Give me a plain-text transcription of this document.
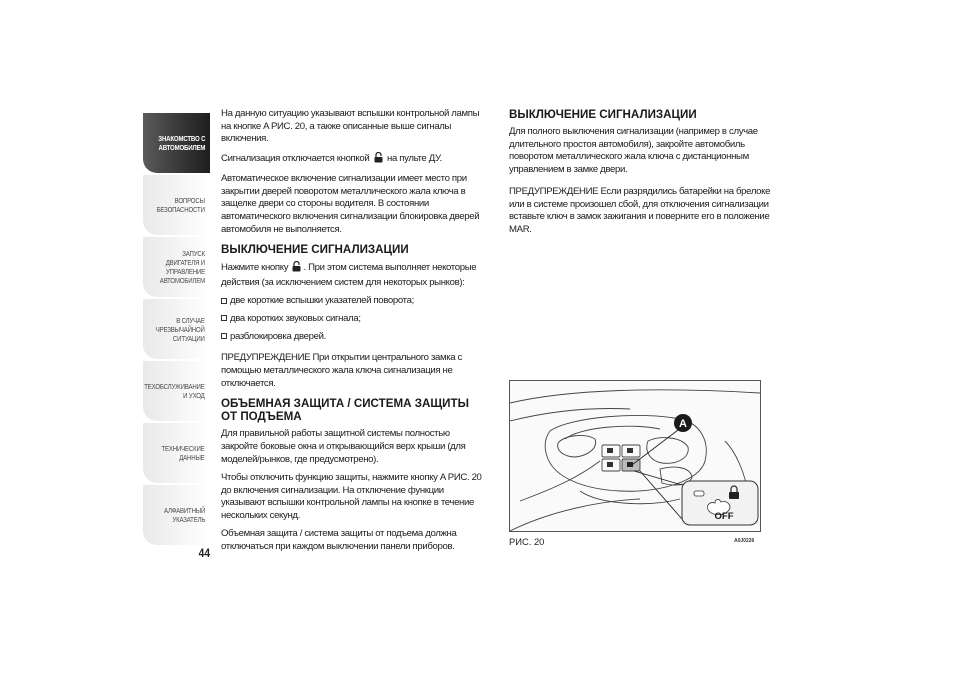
ЗНАКОМСТВО С
АВТОМОБИЛЕМ
ВОПРОСЫ
БЕЗОПАСНОСТИ
ЗАПУСК ДВИГАТЕЛЯ И
УПРАВЛЕНИЕ
АВТОМОБИЛЕМ
В СЛУЧАЕ
ЧРЕЗВЫЧАЙНОЙ
СИТУАЦИИ
ТЕХОБСЛУЖИВАНИЕ
И УХОД
ТЕХНИЧЕСКИЕ
ДАННЫЕ
АЛФАВИТНЫЙ
УКАЗАТЕЛЬ
44

На данную ситуацию указывают вспышки контрольной лампы на кнопке A РИС. 20, а также описанные выше сигналы включения.

Сигнализация отключается кнопкой на пульте ДУ.

Автоматическое включение сигнализации имеет место при закрытии дверей поворотом металлического жала ключа в защелке двери со стороны водителя. В состоянии автоматического включения сигнализации блокировка дверей автомобиля не выполняется.

ВЫКЛЮЧЕНИЕ СИГНАЛИЗАЦИИ

Нажмите кнопку . При этом система выполняет некоторые действия (за исключением систем для некоторых рынков):

две короткие вспышки указателей поворота;
два коротких звуковых сигнала;
разблокировка дверей.

ПРЕДУПРЕЖДЕНИЕ При открытии центрального замка с помощью металлического жала ключа сигнализация не отключается.

ОБЪЕМНАЯ ЗАЩИТА / СИСТЕМА ЗАЩИТЫ ОТ ПОДЪЕМА

Для правильной работы защитной системы полностью закройте боковые окна и открывающийся верх крыши (для моделей/рынков, где предусмотрено).

Чтобы отключить функцию защиты, нажмите кнопку A РИС. 20 до включения сигнализации. На отключение функции указывают вспышки контрольной лампы на кнопке в течение нескольких секунд.

Объемная защита / система защиты от подъема должна отключаться при каждом выключении панели приборов.

ВЫКЛЮЧЕНИЕ СИГНАЛИЗАЦИИ

Для полного выключения сигнализации (например в случае длительного простоя автомобиля), закройте автомобиль поворотом металлического жала ключа с дистанционным управлением в замке двери.

ПРЕДУПРЕЖДЕНИЕ Если разрядились батарейки на брелоке или в системе произошел сбой, для отключения сигнализации вставьте ключ в замок зажигания и поверните его в положение MAR.

A
OFF
РИС. 20	A0J0226
